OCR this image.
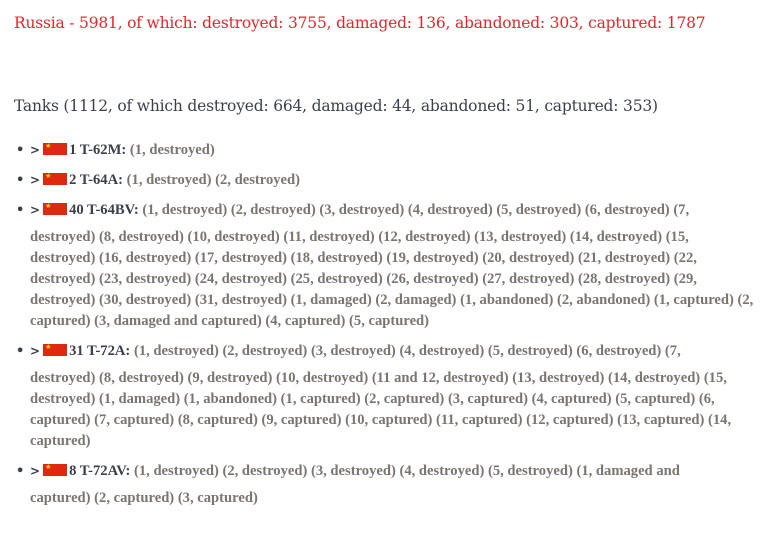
Russia - 5981, of which: destroyed: 3755, damaged: 136, abandoned: 303, captured: 1787
Tanks (1112, of which destroyed: 664, damaged: 44, abandoned: 51, captured: 353)
• > ★ 1 T-62M: (1, destroyed)
• > ★ 2 T-64A: (1, destroyed) (2, destroyed)
• > ★ 40 T-64BV: (1, destroyed) (2, destroyed) (3, destroyed) (4, destroyed) (5, destroyed) (6, destroyed) (7,
destroyed) (8, destroyed) (10, destroyed) (11, destroyed) (12, destroyed) (13, destroyed) (14, destroyed) (15, destroyed) (16, destroyed) (17, destroyed) (18, destroyed) (19, destroyed) (20, destroyed) (21, destroyed) (22, destroyed) (23, destroyed) (24, destroyed) (25, destroyed) (26, destroyed) (27, destroyed) (28, destroyed) (29, destroyed) (30, destroyed) (31, destroyed) (1, damaged) (2, damaged) (1, abandoned) (2, abandoned) (1, captured) (2, captured) (3, damaged and captured) (4, captured) (5, captured)
• > ★ 31 T-72A: (1, destroyed) (2, destroyed) (3, destroyed) (4, destroyed) (5, destroyed) (6, destroyed) (7,
destroyed) (8, destroyed) (9, destroyed) (10, destroyed) (11 and 12, destroyed) (13, destroyed) (14, destroyed) (15, destroyed) (1, damaged) (1, abandoned) (1, captured) (2, captured) (3, captured) (4, captured) (5, captured) (6, captured) (7, captured) (8, captured) (9, captured) (10, captured) (11, captured) (12, captured) (13, captured) (14, captured)
• > ★ 8 T-72AV: (1, destroyed) (2, destroyed) (3, destroyed) (4, destroyed) (5, destroyed) (1, damaged and
captured) (2, captured) (3, captured)
